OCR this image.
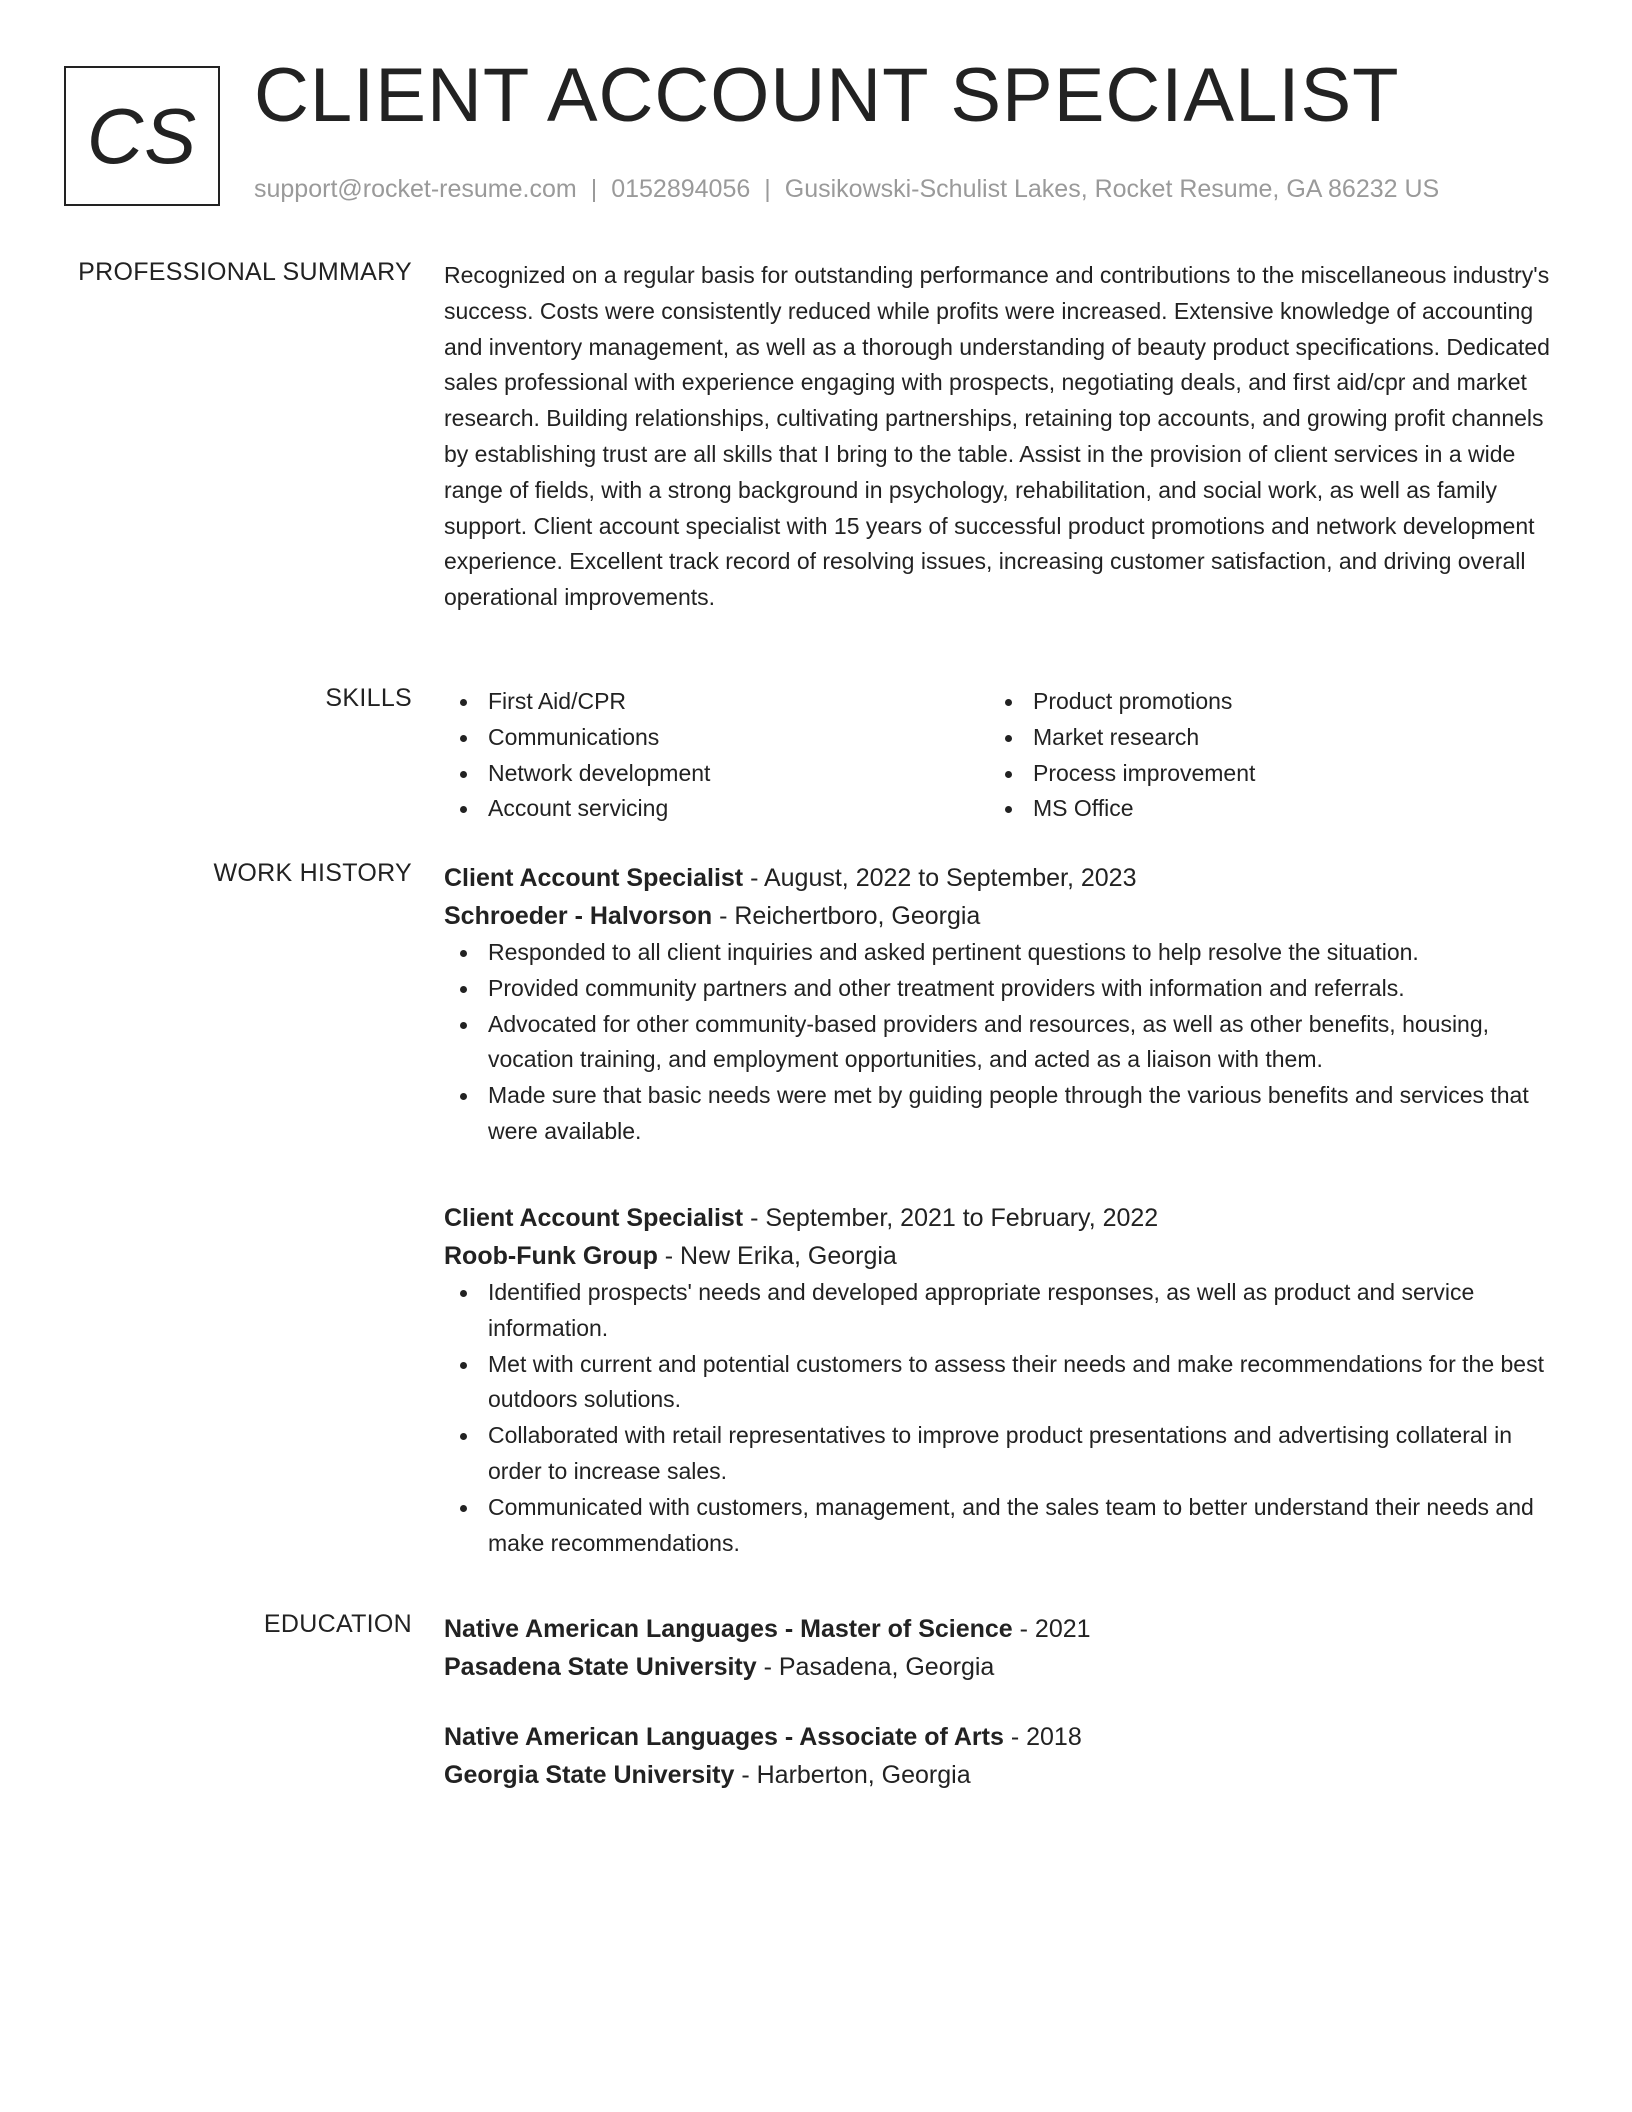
CS CLIENT ACCOUNT SPECIALIST
support@rocket-resume.com | 0152894056 | Gusikowski-Schulist Lakes, Rocket Resume, GA 86232 US
PROFESSIONAL SUMMARY Recognized on a regular basis for outstanding performance and contributions to the miscellaneous industry's success. Costs were consistently reduced while profits were increased. Extensive knowledge of accounting and inventory management, as well as a thorough understanding of beauty product specifications. Dedicated sales professional with experience engaging with prospects, negotiating deals, and first aid/cpr and market research. Building relationships, cultivating partnerships, retaining top accounts, and growing profit channels by establishing trust are all skills that I bring to the table. Assist in the provision of client services in a wide range of fields, with a strong background in psychology, rehabilitation, and social work, as well as family support. Client account specialist with 15 years of successful product promotions and network development experience. Excellent track record of resolving issues, increasing customer satisfaction, and driving overall operational improvements.

SKILLS	First Aid/CPR
Communications
Network development
Account servicing
Product promotions
Market research
Process improvement
MS Office
WORK HISTORY Client Account Specialist - August, 2022 to September, 2023
Schroeder - Halvorson - Reichertboro, Georgia
Responded to all client inquiries and asked pertinent questions to help resolve the situation.
Provided community partners and other treatment providers with information and referrals.
Advocated for other community-based providers and resources, as well as other benefits, housing, vocation training, and employment opportunities, and acted as a liaison with them.
Made sure that basic needs were met by guiding people through the various benefits and services that were available.
Client Account Specialist - September, 2021 to February, 2022
Roob-Funk Group - New Erika, Georgia
Identified prospects' needs and developed appropriate responses, as well as product and service information.
Met with current and potential customers to assess their needs and make recommendations for the best outdoors solutions.
Collaborated with retail representatives to improve product presentations and advertising collateral in order to increase sales.
Communicated with customers, management, and the sales team to better understand their needs and make recommendations.
EDUCATION Native American Languages - Master of Science - 2021
Pasadena State University - Pasadena, Georgia
Native American Languages - Associate of Arts - 2018
Georgia State University - Harberton, Georgia
